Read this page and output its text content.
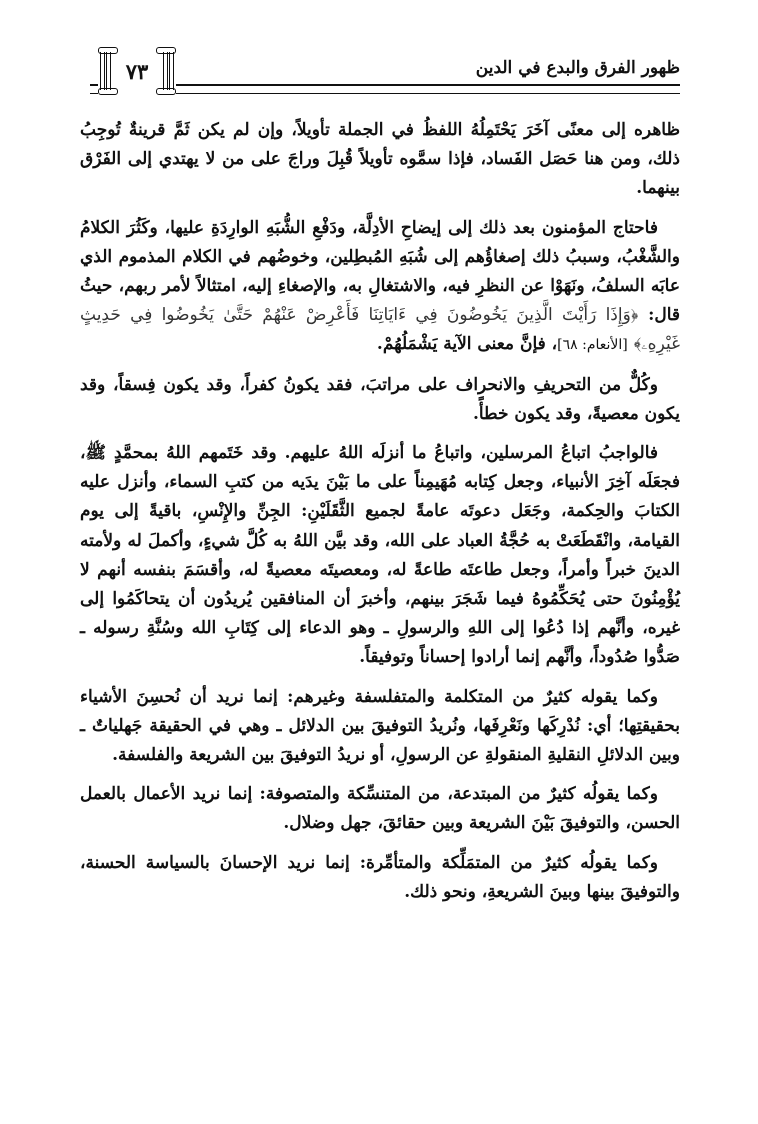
ظهور الفرق والبدع في الدين
٧٣

ظاهره إلى معنًى آخَرَ يَحْتَمِلُهُ اللفظُ في الجملة تأويلاً، وإن لم يكن ثَمَّ قرينةٌ تُوجِبُ ذلك، ومن هنا حَصَل الفَساد، فإذا سمَّوه تأويلاً قُبِلَ وراجَ على من لا يهتدي إلى الفَرْق بينهما.

فاحتاج المؤمنون بعد ذلك إلى إيضاحِ الأدِلَّة، ودَفْعِ الشُّبَهِ الوارِدَةِ عليها، وكَثُرَ الكلامُ والشَّغْبُ، وسببُ ذلك إصغاؤُهم إلى شُبَهِ المُبطِلين، وخوضُهم في الكلام المذموم الذي عابَه السلفُ، ونَهَوْا عن النظرِ فيه، والاشتغالِ به، والإصغاءِ إليه، امتثالاً لأمر ربهم، حيثُ قال: ﴿وَإِذَا رَأَيْتَ الَّذِينَ يَخُوضُونَ فِي ءَايَاتِنَا فَأَعْرِضْ عَنْهُمْ حَتَّىٰ يَخُوضُوا فِي حَدِيثٍ غَيْرِهِۦ﴾ [الأنعام: ٦٨]، فإنَّ معنى الآية يَشْمَلُهُمْ.

وكُلٌّ من التحريفِ والانحراف على مراتبَ، فقد يكونُ كفراً، وقد يكون فِسقاً، وقد يكون معصيةً، وقد يكون خطأً.

فالواجبُ اتباعُ المرسلين، واتباعُ ما أنزلَه اللهُ عليهم. وقد خَتَمهم اللهُ بمحمَّدٍ ﷺ، فجعَلَه آخِرَ الأنبياء، وجعل كِتابه مُهَيمِناً على ما بَيْنَ يدَيه من كتبِ السماء، وأنزل عليه الكتابَ والحِكمة، وجَعَل دعوتَه عامةً لجميع الثَّقَلَيْنِ: الجِنِّ والإِنْسِ، باقيةً إلى يوم القيامة، وانْقَطَعَتْ به حُجَّةُ العباد على الله، وقد بيَّن اللهُ به كُلَّ شيءٍ، وأكملَ له ولأمته الدينَ خبراً وأمراً، وجعل طاعتَه طاعةً له، ومعصيتَه معصيةً له، وأقسَمَ بنفسه أنهم لا يُؤْمِنُونَ حتى يُحَكِّمُوهُ فيما شَجَرَ بينهم، وأخبرَ أن المنافقين يُريدُون أن يتحاكَمُوا إلى غيره، وأنَّهم إذا دُعُوا إلى اللهِ والرسولِ ـ وهو الدعاء إلى كِتَابِ الله وسُنَّةِ رسوله ـ صَدُّوا صُدُوداً، وأنَّهم إنما أرادوا إحساناً وتوفيقاً.

وكما يقوله كثيرٌ من المتكلمة والمتفلسفة وغيرهم: إنما نريد أن نُحسِنَ الأشياء بحقيقتِها؛ أي: نُدْرِكَها ونَعْرِفَها، ونُريدُ التوفيقَ بين الدلائل ـ وهي في الحقيقة جَهلياتٌ ـ وبين الدلائلِ النقليةِ المنقولةِ عن الرسولِ، أو نريدُ التوفيقَ بين الشريعة والفلسفة.

وكما يقولُه كثيرٌ من المبتدعة، من المتنسِّكة والمتصوفة: إنما نريد الأعمال بالعمل الحسن، والتوفيقَ بَيْنَ الشريعة وبين حقائقَ، جهل وضلال.

وكما يقولُه كثيرٌ من المتمَلِّكة والمتأمِّرة: إنما نريد الإحسانَ بالسياسة الحسنة، والتوفيقَ بينها وبينَ الشريعةِ، ونحو ذلك.
